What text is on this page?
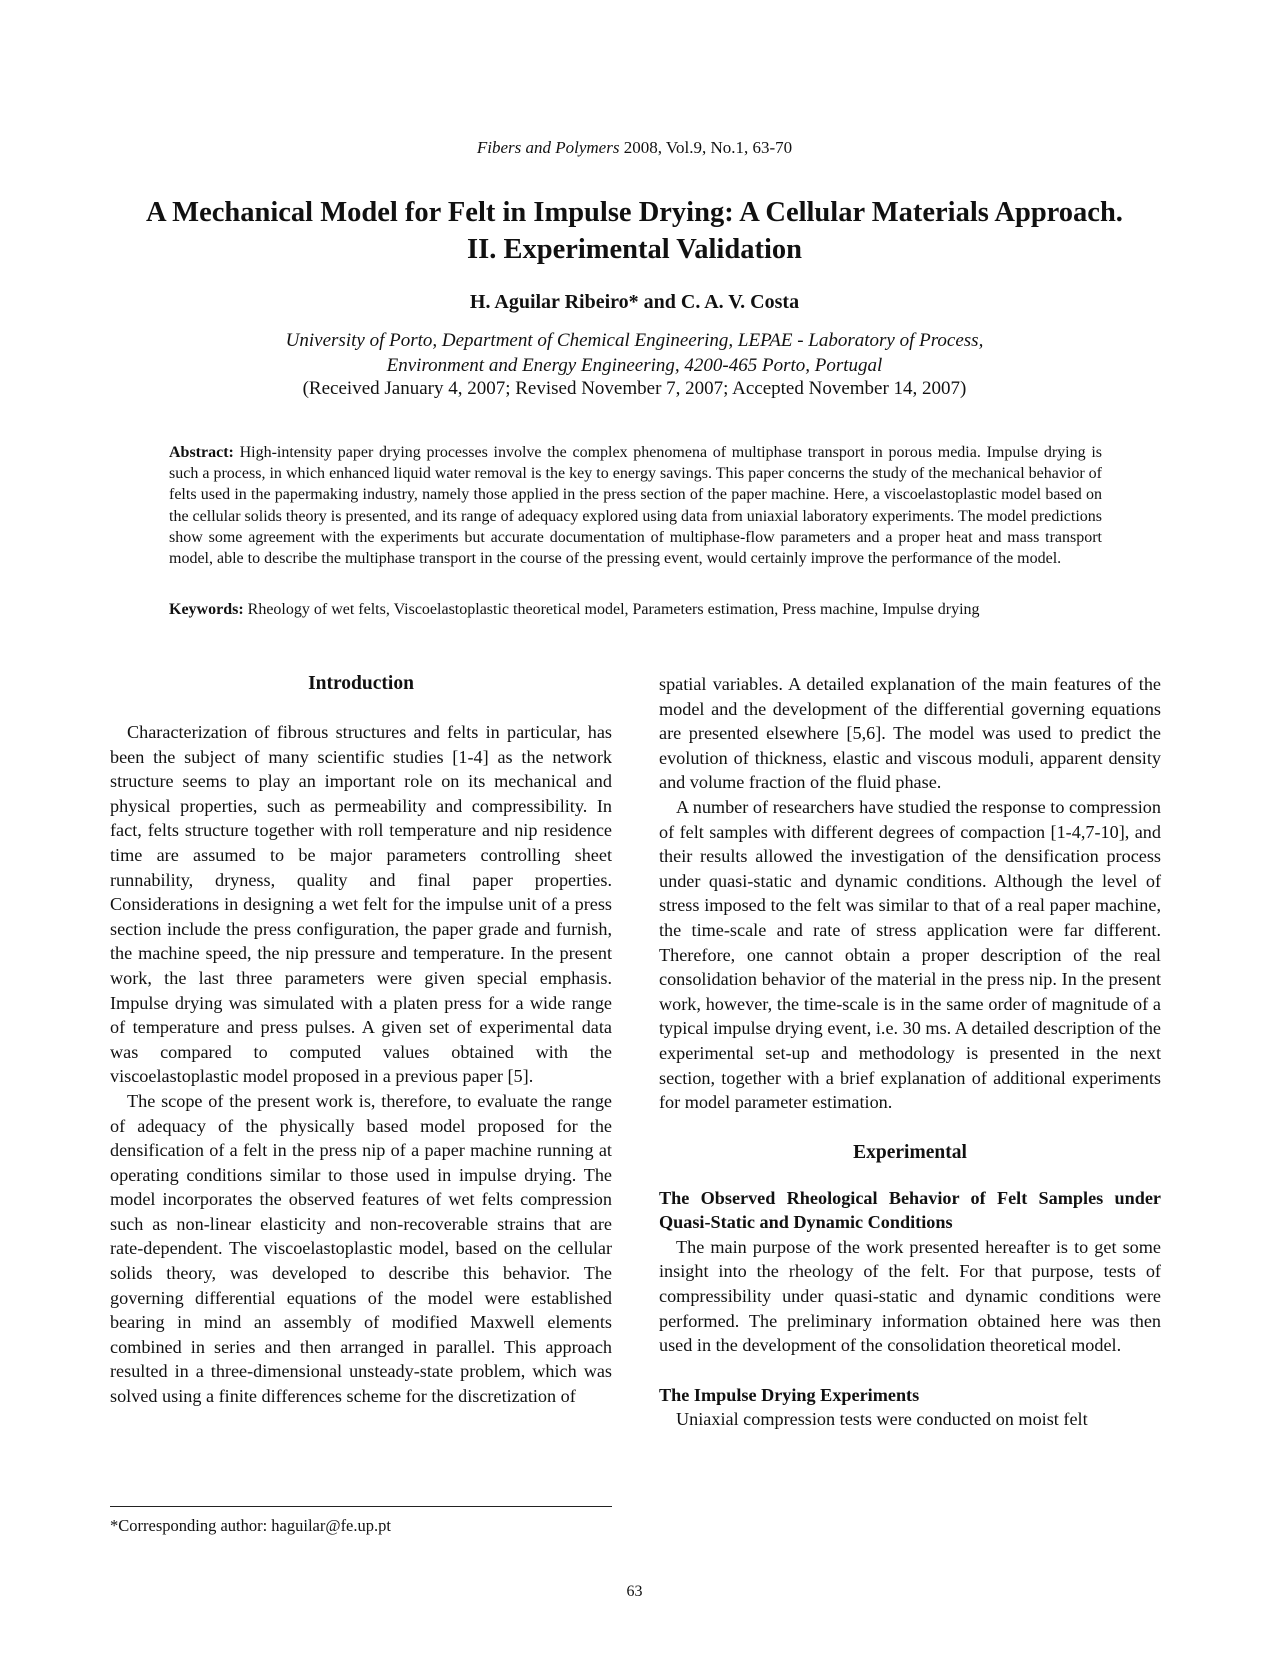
Fibers and Polymers 2008, Vol.9, No.1, 63-70
A Mechanical Model for Felt in Impulse Drying: A Cellular Materials Approach.
II. Experimental Validation
H. Aguilar Ribeiro* and C. A. V. Costa
University of Porto, Department of Chemical Engineering, LEPAE - Laboratory of Process,
Environment and Energy Engineering, 4200-465 Porto, Portugal
(Received January 4, 2007; Revised November 7, 2007; Accepted November 14, 2007)

Abstract: High-intensity paper drying processes involve the complex phenomena of multiphase transport in porous media. Impulse drying is such a process, in which enhanced liquid water removal is the key to energy savings. This paper concerns the study of the mechanical behavior of felts used in the papermaking industry, namely those applied in the press section of the paper machine. Here, a viscoelastoplastic model based on the cellular solids theory is presented, and its range of adequacy explored using data from uniaxial laboratory experiments. The model predictions show some agreement with the experiments but accurate documentation of multiphase-flow parameters and a proper heat and mass transport model, able to describe the multiphase transport in the course of the pressing event, would certainly improve the performance of the model.

Keywords: Rheology of wet felts, Viscoelastoplastic theoretical model, Parameters estimation, Press machine, Impulse drying

Introduction

Characterization of fibrous structures and felts in particular, has been the subject of many scientific studies [1-4] as the network structure seems to play an important role on its mechanical and physical properties, such as permeability and compressibility. In fact, felts structure together with roll temperature and nip residence time are assumed to be major parameters controlling sheet runnability, dryness, quality and final paper properties. Considerations in designing a wet felt for the impulse unit of a press section include the press configuration, the paper grade and furnish, the machine speed, the nip pressure and temperature. In the present work, the last three parameters were given special emphasis. Impulse drying was simulated with a platen press for a wide range of temperature and press pulses. A given set of experimental data was compared to computed values obtained with the viscoelastoplastic model proposed in a previous paper [5].

The scope of the present work is, therefore, to evaluate the range of adequacy of the physically based model proposed for the densification of a felt in the press nip of a paper machine running at operating conditions similar to those used in impulse drying. The model incorporates the observed features of wet felts compression such as non-linear elasticity and non-recoverable strains that are rate-dependent. The viscoelastoplastic model, based on the cellular solids theory, was developed to describe this behavior. The governing differential equations of the model were established bearing in mind an assembly of modified Maxwell elements combined in series and then arranged in parallel. This approach resulted in a three-dimensional unsteady-state problem, which was solved using a finite differences scheme for the discretization of

spatial variables. A detailed explanation of the main features of the model and the development of the differential governing equations are presented elsewhere [5,6]. The model was used to predict the evolution of thickness, elastic and viscous moduli, apparent density and volume fraction of the fluid phase.

A number of researchers have studied the response to compression of felt samples with different degrees of compaction [1-4,7-10], and their results allowed the investigation of the densification process under quasi-static and dynamic conditions. Although the level of stress imposed to the felt was similar to that of a real paper machine, the time-scale and rate of stress application were far different. Therefore, one cannot obtain a proper description of the real consolidation behavior of the material in the press nip. In the present work, however, the time-scale is in the same order of magnitude of a typical impulse drying event, i.e. 30 ms. A detailed description of the experimental set-up and methodology is presented in the next section, together with a brief explanation of additional experiments for model parameter estimation.

Experimental
The Observed Rheological Behavior of Felt Samples under Quasi-Static and Dynamic Conditions

The main purpose of the work presented hereafter is to get some insight into the rheology of the felt. For that purpose, tests of compressibility under quasi-static and dynamic conditions were performed. The preliminary information obtained here was then used in the development of the consolidation theoretical model.

The Impulse Drying Experiments

Uniaxial compression tests were conducted on moist felt

*Corresponding author: haguilar@fe.up.pt
63
